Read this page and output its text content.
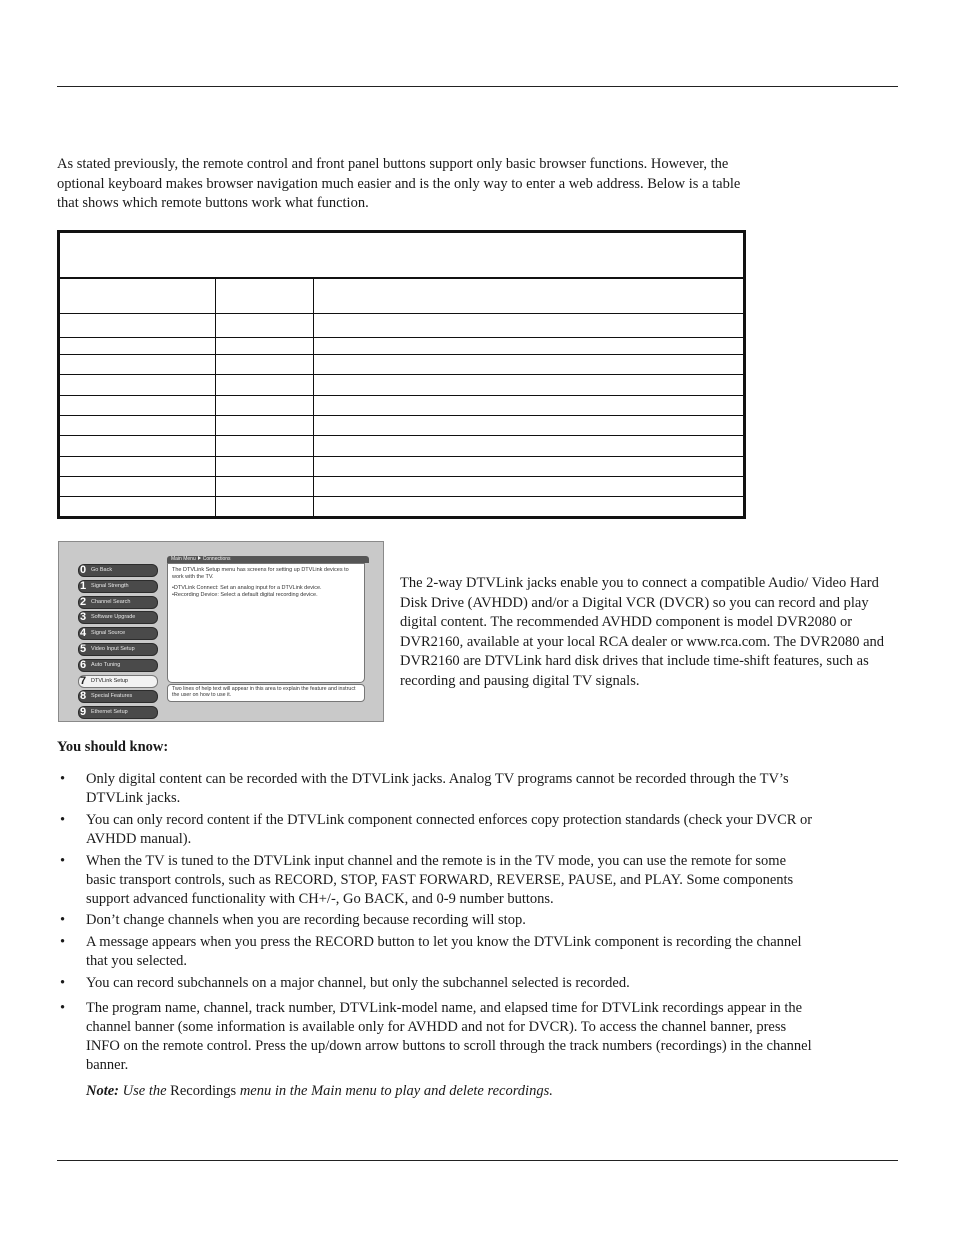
As stated previously, the remote control and front panel buttons support only basic browser functions. However, the optional keyboard makes browser navigation much easier and is the only way to enter a web address. Below is a table that shows which remote buttons work what function.

0 Go Back
1 Signal Strength
2 Channel Search
3 Software Upgrade
4 Signal Source
5 Video Input Setup
6 Auto Tuning
7 DTVLink Setup
8 Special Features
9 Ethernet Setup
Main Menu Connections

The DTVLink Setup menu has screens for setting up DTVLink devices to work with the TV.

•DTVLink Connect: Set an analog input for a DTVLink device.

•Recording Device: Select a default digital recording device.

Two lines of help text will appear in this area to explain the feature and instruct the user on how to use it.

The 2-way DTVLink jacks enable you to connect a compatible Audio/ Video Hard Disk Drive (AVHDD) and/or a Digital VCR (DVCR) so you can record and play digital content. The recommended AVHDD component is model DVR2080 or DVR2160, available at your local RCA dealer or www.rca.com. The DVR2080 and DVR2160 are DTVLink hard disk drives that include time-shift features, such as recording and pausing digital TV signals.

You should know:

• Only digital content can be recorded with the DTVLink jacks. Analog TV programs cannot be recorded through the TV’s DTVLink jacks.
• You can only record content if the DTVLink component connected enforces copy protection standards (check your DVCR or AVHDD manual).
• When the TV is tuned to the DTVLink input channel and the remote is in the TV mode, you can use the remote for some basic transport controls, such as RECORD, STOP, FAST FORWARD, REVERSE, PAUSE, and PLAY. Some components support advanced functionality with CH+/-, Go BACK, and 0-9 number buttons.
• Don’t change channels when you are recording because recording will stop.
• A message appears when you press the RECORD button to let you know the DTVLink component is recording the channel that you selected.
• You can record subchannels on a major channel, but only the subchannel selected is recorded.
• The program name, channel, track number, DTVLink-model name, and elapsed time for DTVLink recordings appear in the channel banner (some information is available only for AVHDD and not for DVCR). To access the channel banner, press INFO on the remote control. Press the up/down arrow buttons to scroll through the track numbers (recordings) in the channel banner.

Note: Use the Recordings menu in the Main menu to play and delete recordings.
